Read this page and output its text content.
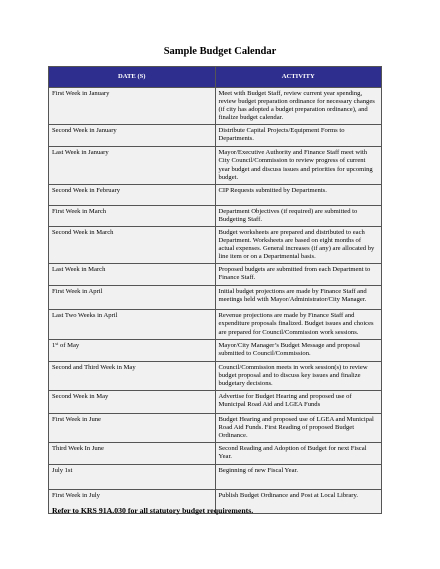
Sample Budget Calendar
DATE (S)	ACTIVITY
First Week in January	Meet with Budget Staff, review current year spending, review budget preparation ordinance for necessary changes (if city has adopted a budget preparation ordinance), and finalize budget calendar.
Second Week in January	Distribute Capital Projects/Equipment Forms to Departments.
Last Week in January	Mayor/Executive Authority and Finance Staff meet with City Council/Commission to review progress of current year budget and discuss issues and priorities for upcoming budget.
Second Week in February	CIP Requests submitted by Departments.
First Week in March	Department Objectives (if required) are submitted to Budgeting Staff.
Second Week in March	Budget worksheets are prepared and distributed to each Department. Worksheets are based on eight months of actual expenses. General increases (if any) are allocated by line item or on a Departmental basis.
Last Week in March	Proposed budgets are submitted from each Department to Finance Staff.
First Week in April	Initial budget projections are made by Finance Staff and meetings held with Mayor/Administrator/City Manager.
Last Two Weeks in April	Revenue projections are made by Finance Staff and expenditure proposals finalized. Budget issues and choices are prepared for Council/Commission work sessions.
1st of May	Mayor/City Manager’s Budget Message and proposal submitted to Council/Commission.
Second and Third Week in May	Council/Commission meets in work session(s) to review budget proposal and to discuss key issues and finalize budgetary decisions.
Second Week in May	Advertise for Budget Hearing and proposed use of Municipal Road Aid and LGEA Funds
First Week in June	Budget Hearing and proposed use of LGEA and Municipal Road Aid Funds. First Reading of proposed Budget Ordinance.
Third Week In June	Second Reading and Adoption of Budget for next Fiscal Year.
July 1st	Beginning of new Fiscal Year.
First Week in July	Publish Budget Ordinance and Post at Local Library.
Refer to KRS 91A.030 for all statutory budget requirements.
